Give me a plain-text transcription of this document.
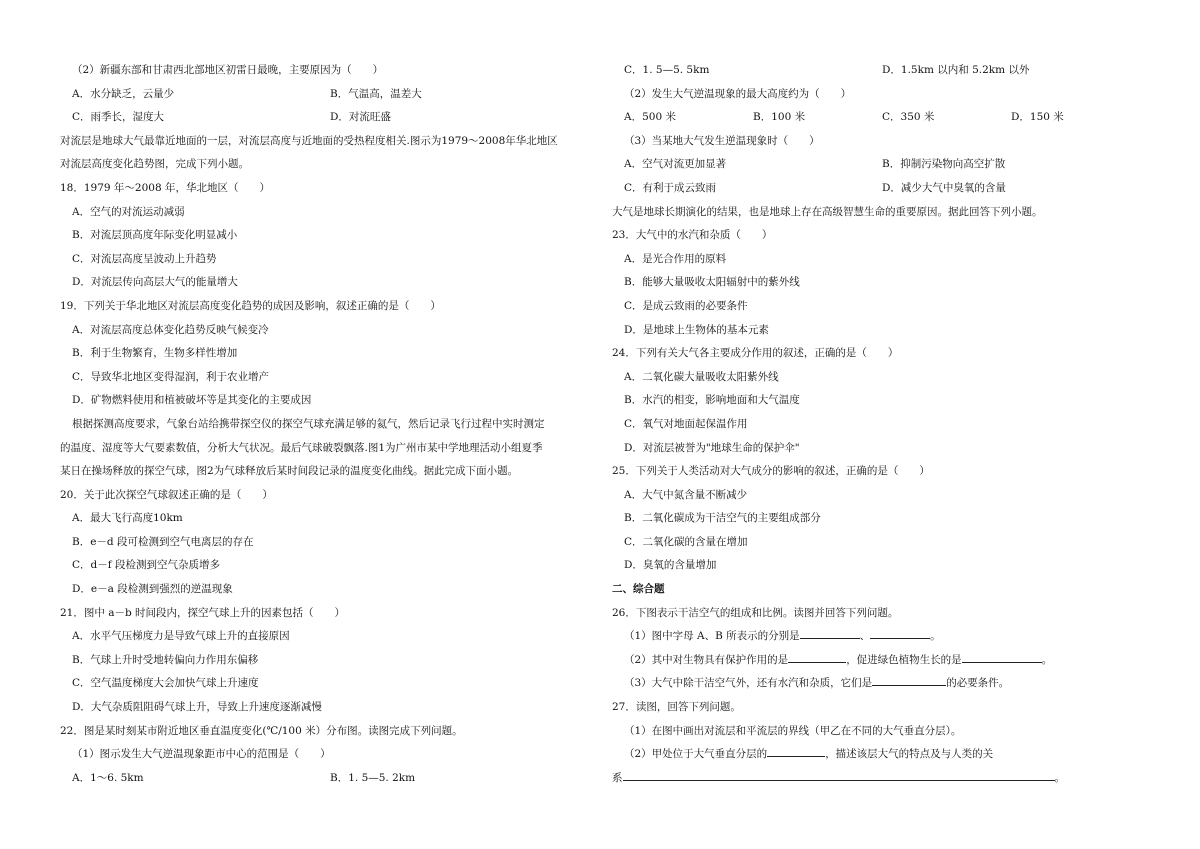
（2）新疆东部和甘肃西北部地区初雷日最晚，主要原因为（　　）
A．水分缺乏，云量少	B．气温高，温差大
C．雨季长，湿度大	D．对流旺盛
对流层是地球大气最靠近地面的一层，对流层高度与近地面的受热程度相关.图示为1979～2008年华北地区
对流层高度变化趋势图，完成下列小题。
18．1979 年～2008 年，华北地区（　　）
A．空气的对流运动减弱
B．对流层顶高度年际变化明显减小
C．对流层高度呈波动上升趋势
D．对流层传向高层大气的能量增大
19．下列关于华北地区对流层高度变化趋势的成因及影响，叙述正确的是（　　）
A．对流层高度总体变化趋势反映气候变冷
B．利于生物繁育，生物多样性增加
C．导致华北地区变得湿润，利于农业增产
D．矿物燃料使用和植被破坏等是其变化的主要成因
根据探测高度要求，气象台站给携带探空仪的探空气球充满足够的氦气，然后记录飞行过程中实时测定
的温度、湿度等大气要素数值，分析大气状况。最后气球破裂飘落.图1为广州市某中学地理活动小组夏季
某日在操场释放的探空气球，图2为气球释放后某时间段记录的温度变化曲线。据此完成下面小题。
20．关于此次探空气球叙述正确的是（　　）
A．最大飞行高度10km
B．e－d 段可检测到空气电离层的存在
C．d－f 段检测到空气杂质增多
D．e－a 段检测到强烈的逆温现象
21．图中 a－b 时间段内，探空气球上升的因素包括（　　）
A．水平气压梯度力是导致气球上升的直接原因
B．气球上升时受地转偏向力作用东偏移
C．空气温度梯度大会加快气球上升速度
D．大气杂质阻阻碍气球上升，导致上升速度逐渐减慢
22．图是某时刻某市附近地区垂直温度变化(℃/100 米）分布图。读图完成下列问题。
（1）图示发生大气逆温现象距市中心的范围是（　　）
A．1～6. 5km	B．1. 5—5. 2km
C．1. 5—5. 5km	D．1.5km 以内和 5.2km 以外
（2）发生大气逆温现象的最大高度约为（　　）
A．500 米	B．100 米	C．350 米	D．150 米
（3）当某地大气发生逆温现象时（　　）
A．空气对流更加显著	B．抑制污染物向高空扩散
C．有利于成云致雨	D．减少大气中臭氧的含量
大气是地球长期演化的结果，也是地球上存在高级智慧生命的重要原因。据此回答下列小题。
23．大气中的水汽和杂质（　　）
A．是光合作用的原料
B．能够大量吸收太阳辐射中的紫外线
C．是成云致雨的必要条件
D．是地球上生物体的基本元素
24．下列有关大气各主要成分作用的叙述，正确的是（　　）
A．二氧化碳大量吸收太阳紫外线
B．水汽的相变，影响地面和大气温度
C．氧气对地面起保温作用
D．对流层被誉为"地球生命的保护伞"
25．下列关于人类活动对大气成分的影响的叙述，正确的是（　　）
A．大气中氮含量不断减少
B．二氧化碳成为干洁空气的主要组成部分
C．二氧化碳的含量在增加
D．臭氧的含量增加
二、综合题
26．下图表示干洁空气的组成和比例。读图并回答下列问题。
（1）图中字母 A、B 所表示的分别是	、	。
（2）其中对生物具有保护作用的是	，促进绿色植物生长的是	。
（3）大气中除干洁空气外，还有水汽和杂质，它们是	的必要条件。
27．读图，回答下列问题。
（1）在图中画出对流层和平流层的界线（甲乙在不同的大气垂直分层）。
（2）甲处位于大气垂直分层的	，描述该层大气的特点及与人类的关
系	。
